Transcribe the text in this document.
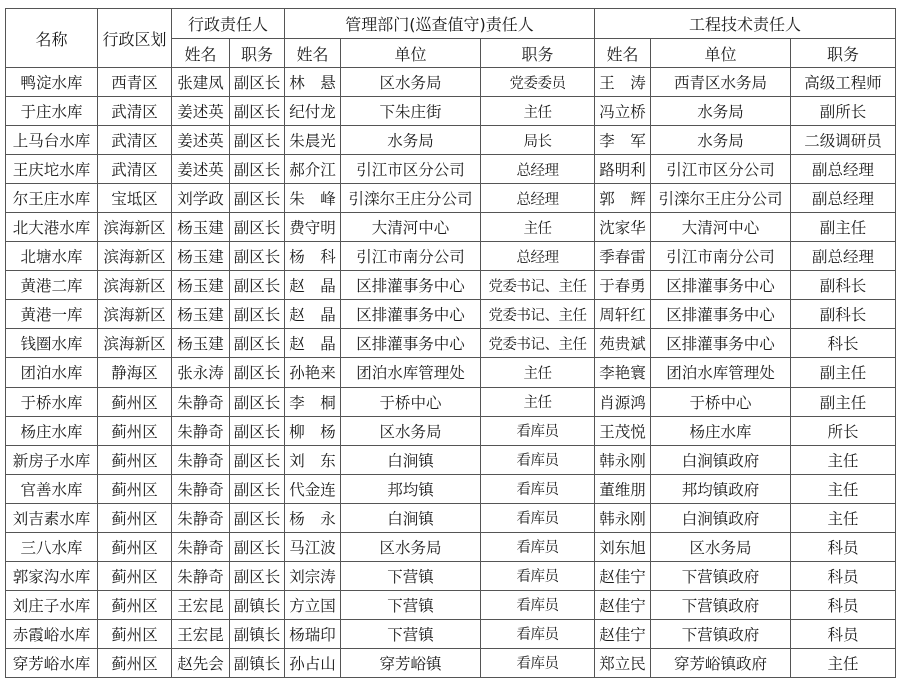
名称	行政区划	行政责任人		管理部门(巡查值守)责任人			工程技术责任人		
		姓名	职务	姓名	单位	职务	姓名	单位	职务
鸭淀水库	西青区	张建凤	副区长	林　悬	区水务局	党委委员	王　涛	西青区水务局	高级工程师
于庄水库	武清区	姜述英	副区长	纪付龙	下朱庄街	主任	冯立桥	水务局	副所长
上马台水库	武清区	姜述英	副区长	朱晨光	水务局	局长	李　军	水务局	二级调研员
王庆坨水库	武清区	姜述英	副区长	郝介江	引江市区分公司	总经理	路明利	引江市区分公司	副总经理
尔王庄水库	宝坻区	刘学政	副区长	朱　峰	引滦尔王庄分公司	总经理	郭　辉	引滦尔王庄分公司	副总经理
北大港水库	滨海新区	杨玉建	副区长	费守明	大清河中心	主任	沈家华	大清河中心	副主任
北塘水库	滨海新区	杨玉建	副区长	杨　科	引江市南分公司	总经理	季春雷	引江市南分公司	副总经理
黄港二库	滨海新区	杨玉建	副区长	赵　晶	区排灌事务中心	党委书记、主任	于春勇	区排灌事务中心	副科长
黄港一库	滨海新区	杨玉建	副区长	赵　晶	区排灌事务中心	党委书记、主任	周轩红	区排灌事务中心	副科长
钱圈水库	滨海新区	杨玉建	副区长	赵　晶	区排灌事务中心	党委书记、主任	苑贵斌	区排灌事务中心	科长
团泊水库	静海区	张永涛	副区长	孙艳来	团泊水库管理处	主任	李艳寰	团泊水库管理处	副主任
于桥水库	蓟州区	朱静奇	副区长	李　桐	于桥中心	主任	肖源鸿	于桥中心	副主任
杨庄水库	蓟州区	朱静奇	副区长	柳　杨	区水务局	看库员	王茂悦	杨庄水库	所长
新房子水库	蓟州区	朱静奇	副区长	刘　东	白涧镇	看库员	韩永刚	白涧镇政府	主任
官善水库	蓟州区	朱静奇	副区长	代金连	邦均镇	看库员	董维朋	邦均镇政府	主任
刘吉素水库	蓟州区	朱静奇	副区长	杨　永	白涧镇	看库员	韩永刚	白涧镇政府	主任
三八水库	蓟州区	朱静奇	副区长	马江波	区水务局	看库员	刘东旭	区水务局	科员
郭家沟水库	蓟州区	朱静奇	副区长	刘宗涛	下营镇	看库员	赵佳宁	下营镇政府	科员
刘庄子水库	蓟州区	王宏昆	副镇长	方立国	下营镇	看库员	赵佳宁	下营镇政府	科员
赤霞峪水库	蓟州区	王宏昆	副镇长	杨瑞印	下营镇	看库员	赵佳宁	下营镇政府	科员
穿芳峪水库	蓟州区	赵先会	副镇长	孙占山	穿芳峪镇	看库员	郑立民	穿芳峪镇政府	主任
